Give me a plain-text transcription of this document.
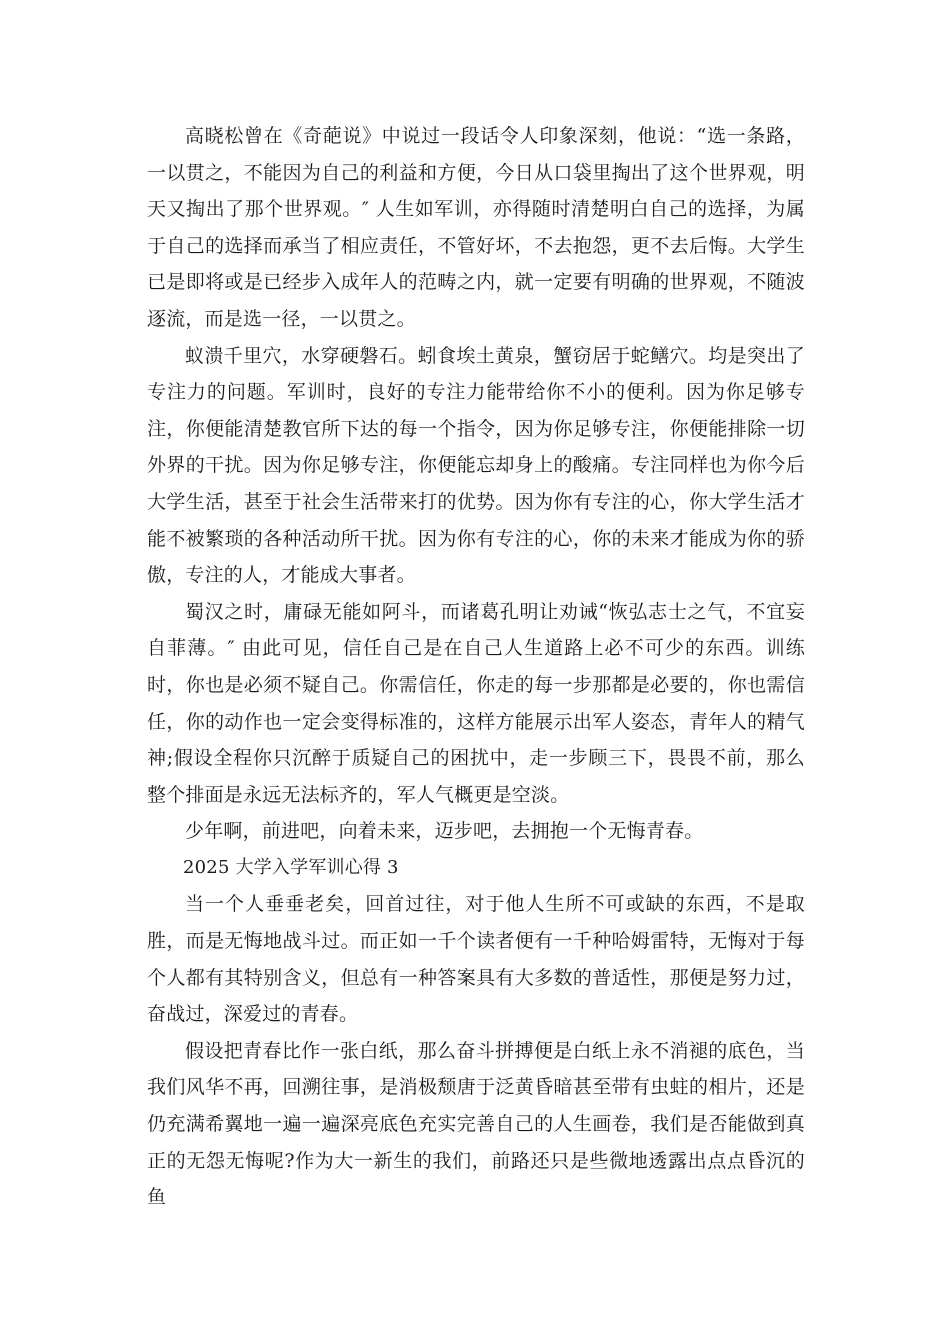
高晓松曾在《奇葩说》中说过一段话令人印象深刻，他说：“选一条路，一以贯之，不能因为自己的利益和方便，今日从口袋里掏出了这个世界观，明天又掏出了那个世界观。″ 人生如军训，亦得随时清楚明白自己的选择，为属于自己的选择而承当了相应责任，不管好坏，不去抱怨，更不去后悔。大学生已是即将或是已经步入成年人的范畴之内，就一定要有明确的世界观，不随波逐流，而是选一径，一以贯之。

蚁溃千里穴，水穿硬磐石。蚓食埃土黄泉，蟹窃居于蛇鳝穴。均是突出了专注力的问题。军训时，良好的专注力能带给你不小的便利。因为你足够专注，你便能清楚教官所下达的每一个指令，因为你足够专注，你便能排除一切外界的干扰。因为你足够专注，你便能忘却身上的酸痛。专注同样也为你今后大学生活，甚至于社会生活带来打的优势。因为你有专注的心，你大学生活才能不被繁琐的各种活动所干扰。因为你有专注的心，你的未来才能成为你的骄傲，专注的人，才能成大事者。

蜀汉之时，庸碌无能如阿斗，而诸葛孔明让劝诫“恢弘志士之气，不宜妄自菲薄。″ 由此可见，信任自己是在自己人生道路上必不可少的东西。训练时，你也是必须不疑自己。你需信任，你走的每一步那都是必要的，你也需信任，你的动作也一定会变得标准的，这样方能展示出军人姿态，青年人的精气神;假设全程你只沉醉于质疑自己的困扰中，走一步顾三下，畏畏不前，那么整个排面是永远无法标齐的，军人气概更是空淡。

少年啊，前进吧，向着未来，迈步吧，去拥抱一个无悔青春。

2025 大学入学军训心得 3

当一个人垂垂老矣，回首过往，对于他人生所不可或缺的东西，不是取胜，而是无悔地战斗过。而正如一千个读者便有一千种哈姆雷特，无悔对于每个人都有其特别含义，但总有一种答案具有大多数的普适性，那便是努力过，奋战过，深爱过的青春。

假设把青春比作一张白纸，那么奋斗拼搏便是白纸上永不消褪的底色，当我们风华不再，回溯往事，是消极颓唐于泛黄昏暗甚至带有虫蛀的相片，还是仍充满希翼地一遍一遍深亮底色充实完善自己的人生画卷，我们是否能做到真正的无怨无悔呢?作为大一新生的我们，前路还只是些微地透露出点点昏沉的鱼
